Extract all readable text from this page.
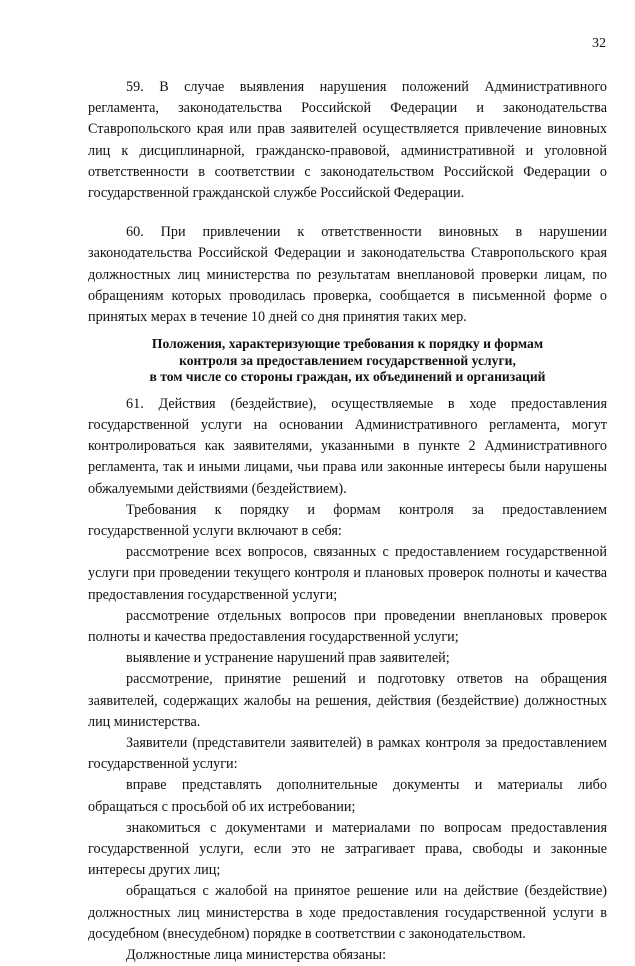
32

59. В случае выявления нарушения положений Административного регламента, законодательства Российской Федерации и законодательства Ставропольского края или прав заявителей осуществляется привлечение виновных лиц к дисциплинарной, гражданско-правовой, административной и уголовной ответственности в соответствии с законодательством Российской Федерации о государственной гражданской службе Российской Федерации.

60. При привлечении к ответственности виновных в нарушении законодательства Российской Федерации и законодательства Ставропольского края должностных лиц министерства по результатам внеплановой проверки лицам, по обращениям которых проводилась проверка, сообщается в письменной форме о принятых мерах в течение 10 дней со дня принятия таких мер.

Положения, характеризующие требования к порядку и формам
контроля за предоставлением государственной услуги,
в том числе со стороны граждан, их объединений и организаций

61. Действия (бездействие), осуществляемые в ходе предоставления государственной услуги на основании Административного регламента, могут контролироваться как заявителями, указанными в пункте 2 Административного регламента, так и иными лицами, чьи права или законные интересы были нарушены обжалуемыми действиями (бездействием).

Требования к порядку и формам контроля за предоставлением государственной услуги включают в себя:

рассмотрение всех вопросов, связанных с предоставлением государственной услуги при проведении текущего контроля и плановых проверок полноты и качества предоставления государственной услуги;

рассмотрение отдельных вопросов при проведении внеплановых проверок полноты и качества предоставления государственной услуги;

выявление и устранение нарушений прав заявителей;

рассмотрение, принятие решений и подготовку ответов на обращения заявителей, содержащих жалобы на решения, действия (бездействие) должностных лиц министерства.

Заявители (представители заявителей) в рамках контроля за предоставлением государственной услуги:

вправе представлять дополнительные документы и материалы либо обращаться с просьбой об их истребовании;

знакомиться с документами и материалами по вопросам предоставления государственной услуги, если это не затрагивает права, свободы и законные интересы других лиц;

обращаться с жалобой на принятое решение или на действие (бездействие) должностных лиц министерства в ходе предоставления государственной услуги в досудебном (внесудебном) порядке в соответствии с законодательством.

Должностные лица министерства обязаны:
